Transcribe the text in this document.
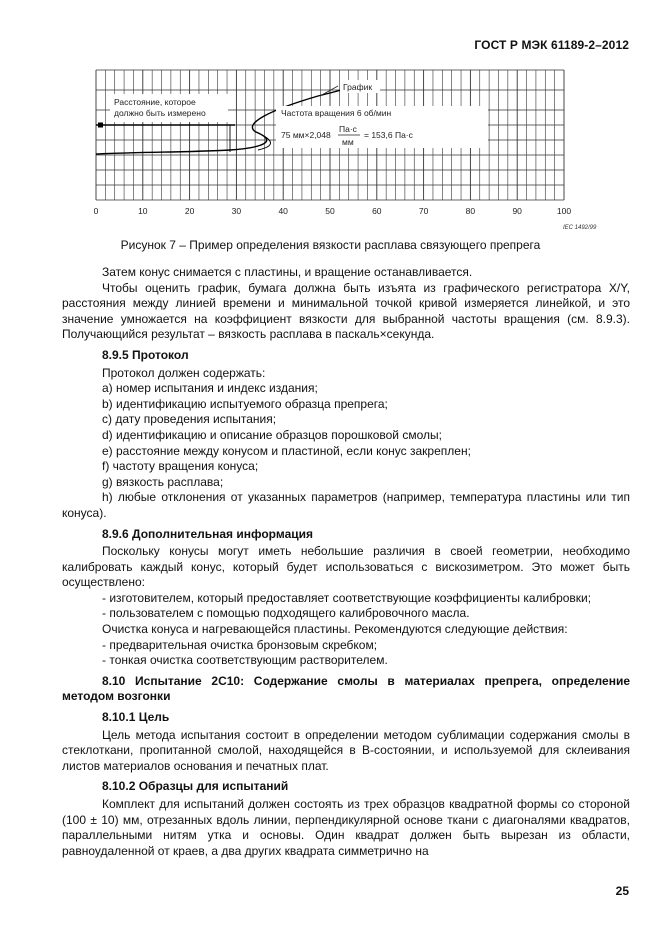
ГОСТ Р МЭК 61189-2–2012
0	10	20	30	40	50	60	70	80	90	100
Расстояние, которое
должно быть измерено
График
Частота вращения 6 об/мин
75 мм×2,048
Па·с
мм
= 153,6 Па·с
IEC 1492/99
Рисунок 7 – Пример определения вязкости расплава связующего препрега

Затем конус снимается с пластины, и вращение останавливается.

Чтобы оценить график, бумага должна быть изъята из графического регистратора X/Y, расстояния между линией времени и минимальной точкой кривой измеряется линейкой, и это значение умножается на коэффициент вязкости для выбранной частоты вращения (см. 8.9.3). Получающийся результат – вязкость расплава в паскаль×секунда.

8.9.5 Протокол

Протокол должен содержать:

a) номер испытания и индекс издания;

b) идентификацию испытуемого образца препрега;

c) дату проведения испытания;

d) идентификацию и описание образцов порошковой смолы;

e) расстояние между конусом и пластиной, если конус закреплен;

f) частоту вращения конуса;

g) вязкость расплава;

h) любые отклонения от указанных параметров (например, температура пластины или тип конуса).

8.9.6 Дополнительная информация

Поскольку конусы могут иметь небольшие различия в своей геометрии, необходимо калибровать каждый конус, который будет использоваться с вискозиметром. Это может быть осуществлено:

- изготовителем, который предоставляет соответствующие коэффициенты калибровки;

- пользователем с помощью подходящего калибровочного масла.

Очистка конуса и нагревающейся пластины. Рекомендуются следующие действия:

- предварительная очистка бронзовым скребком;

- тонкая очистка соответствующим растворителем.

8.10 Испытание 2С10: Содержание смолы в материалах препрега, определение методом возгонки

8.10.1 Цель

Цель метода испытания состоит в определении методом сублимации содержания смолы в стеклоткани, пропитанной смолой, находящейся в B-состоянии, и используемой для склеивания листов материалов основания и печатных плат.

8.10.2 Образцы для испытаний

Комплект для испытаний должен состоять из трех образцов квадратной формы со стороной (100 ± 10) мм, отрезанных вдоль линии, перпендикулярной основе ткани с диагоналями квадратов, параллельными нитям утка и основы. Один квадрат должен быть вырезан из области, равноудаленной от краев, а два других квадрата симметрично на

25
